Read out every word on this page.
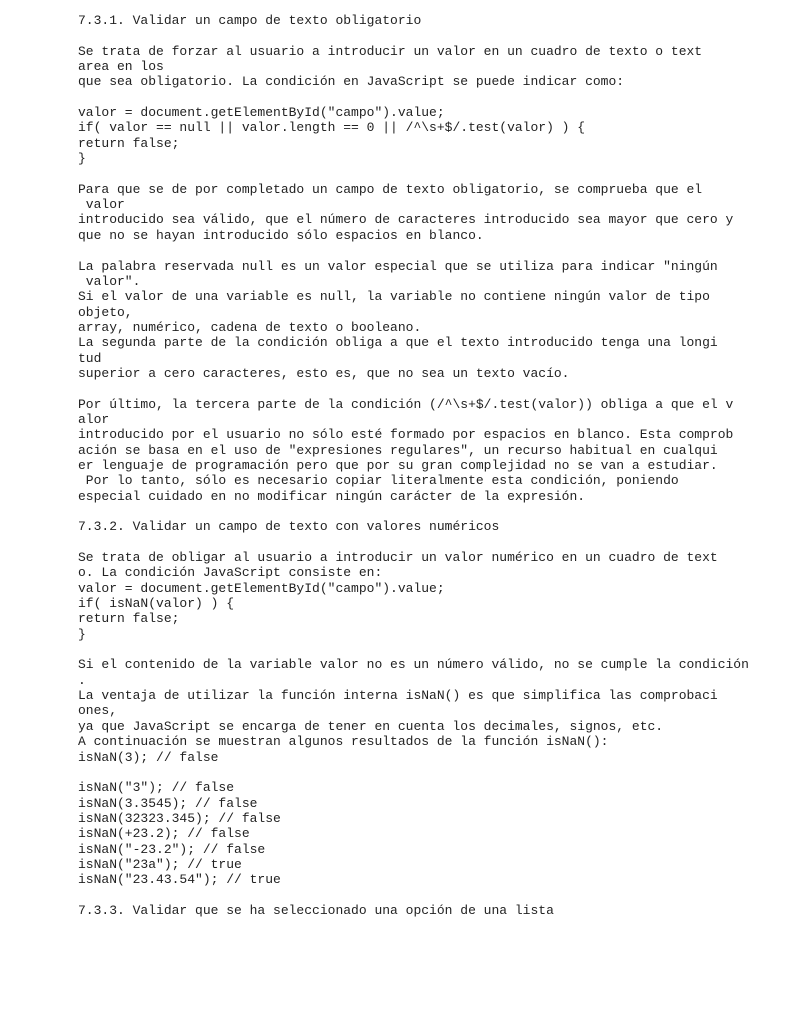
7.3.1. Validar un campo de texto obligatorio
Se trata de forzar al usuario a introducir un valor en un cuadro de texto o text
area en los
que sea obligatorio. La condición en JavaScript se puede indicar como:
valor = document.getElementById("campo").value;
if( valor == null || valor.length == 0 || /^\s+$/.test(valor) ) {
return false;
}
Para que se de por completado un campo de texto obligatorio, se comprueba que el
valor
introducido sea válido, que el número de caracteres introducido sea mayor que cero y
que no se hayan introducido sólo espacios en blanco.
La palabra reservada null es un valor especial que se utiliza para indicar "ningún
valor".
Si el valor de una variable es null, la variable no contiene ningún valor de tipo
objeto,
array, numérico, cadena de texto o booleano.
La segunda parte de la condición obliga a que el texto introducido tenga una longi
tud
superior a cero caracteres, esto es, que no sea un texto vacío.
Por último, la tercera parte de la condición (/^\s+$/.test(valor)) obliga a que el v
alor
introducido por el usuario no sólo esté formado por espacios en blanco. Esta comprob
ación se basa en el uso de "expresiones regulares", un recurso habitual en cualqui
er lenguaje de programación pero que por su gran complejidad no se van a estudiar.
Por lo tanto, sólo es necesario copiar literalmente esta condición, poniendo
especial cuidado en no modificar ningún carácter de la expresión.
7.3.2. Validar un campo de texto con valores numéricos
Se trata de obligar al usuario a introducir un valor numérico en un cuadro de text
o. La condición JavaScript consiste en:
valor = document.getElementById("campo").value;
if( isNaN(valor) ) {
return false;
}
Si el contenido de la variable valor no es un número válido, no se cumple la condición
.
La ventaja de utilizar la función interna isNaN() es que simplifica las comprobaci
ones,
ya que JavaScript se encarga de tener en cuenta los decimales, signos, etc.
A continuación se muestran algunos resultados de la función isNaN():
isNaN(3); // false
isNaN("3"); // false
isNaN(3.3545); // false
isNaN(32323.345); // false
isNaN(+23.2); // false
isNaN("-23.2"); // false
isNaN("23a"); // true
isNaN("23.43.54"); // true
7.3.3. Validar que se ha seleccionado una opción de una lista
